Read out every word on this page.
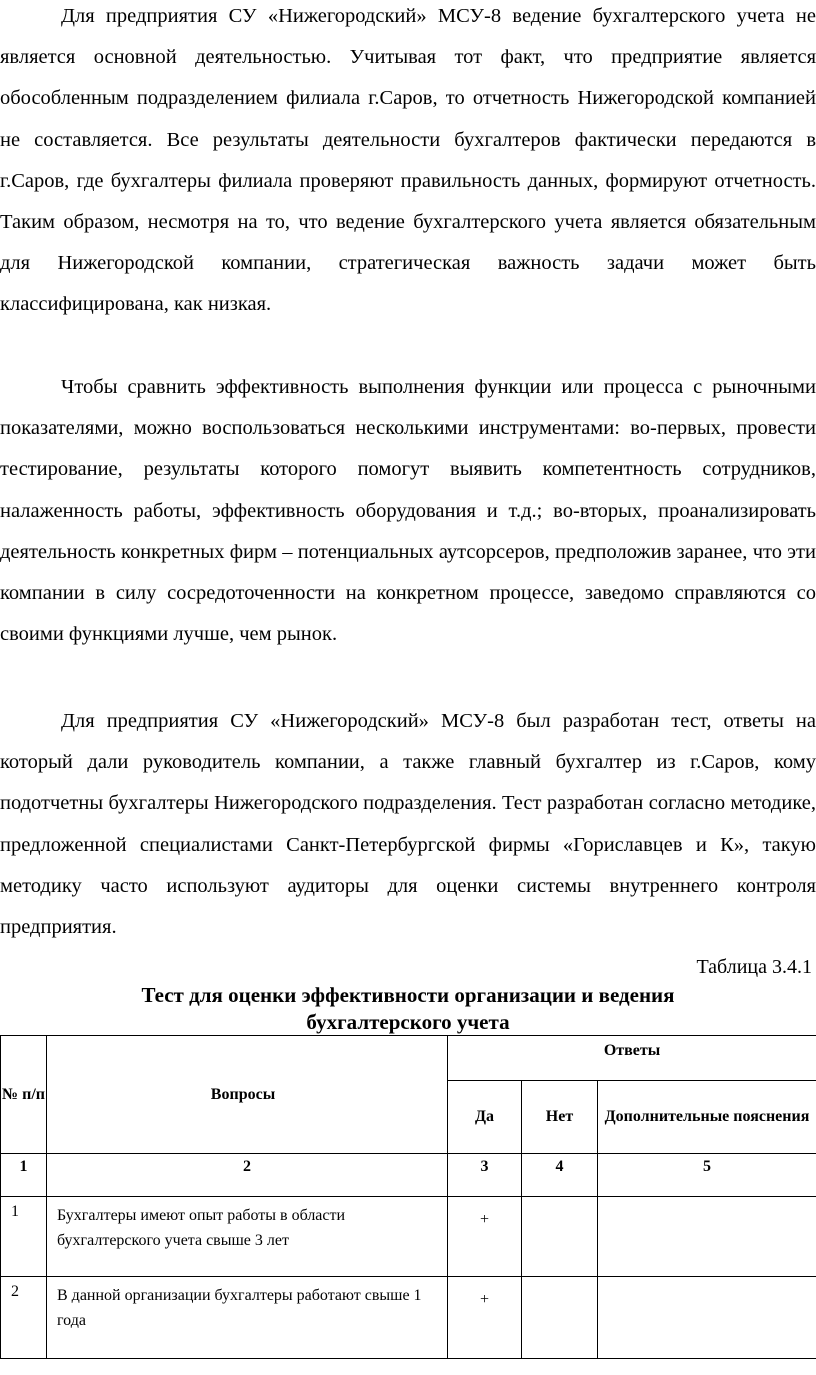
Для предприятия СУ «Нижегородский» МСУ-8 ведение бухгалтерского учета не является основной деятельностью. Учитывая тот факт, что предприятие является обособленным подразделением филиала г.Саров, то отчетность Нижегородской компанией не составляется. Все результаты деятельности бухгалтеров фактически передаются в г.Саров, где бухгалтеры филиала проверяют правильность данных, формируют отчетность. Таким образом, несмотря на то, что ведение бухгалтерского учета является обязательным для Нижегородской компании, стратегическая важность задачи может быть классифицирована, как низкая.

Чтобы сравнить эффективность выполнения функции или процесса с рыночными показателями, можно воспользоваться несколькими инструментами: во-первых, провести тестирование, результаты которого помогут выявить компетентность сотрудников, налаженность работы, эффективность оборудования и т.д.; во-вторых, проанализировать деятельность конкретных фирм – потенциальных аутсорсеров, предположив заранее, что эти компании в силу сосредоточенности на конкретном процессе, заведомо справляются со своими функциями лучше, чем рынок.

Для предприятия СУ «Нижегородский» МСУ-8 был разработан тест, ответы на который дали руководитель компании, а также главный бухгалтер из г.Саров, кому подотчетны бухгалтеры Нижегородского подразделения. Тест разработан согласно методике, предложенной специалистами Санкт-Петербургской фирмы «Гориславцев и К», такую методику часто используют аудиторы для оценки системы внутреннего контроля предприятия.

Таблица 3.4.1
Тест для оценки эффективности организации и ведения
бухгалтерского учета
№ п/п	Вопросы	Ответы		
		Да	Нет	Дополнительные пояснения
1	2	3	4	5
1	Бухгалтеры имеют опыт работы в области бухгалтерского учета свыше 3 лет	+		
2	В данной организации бухгалтеры работают свыше 1 года	+		
